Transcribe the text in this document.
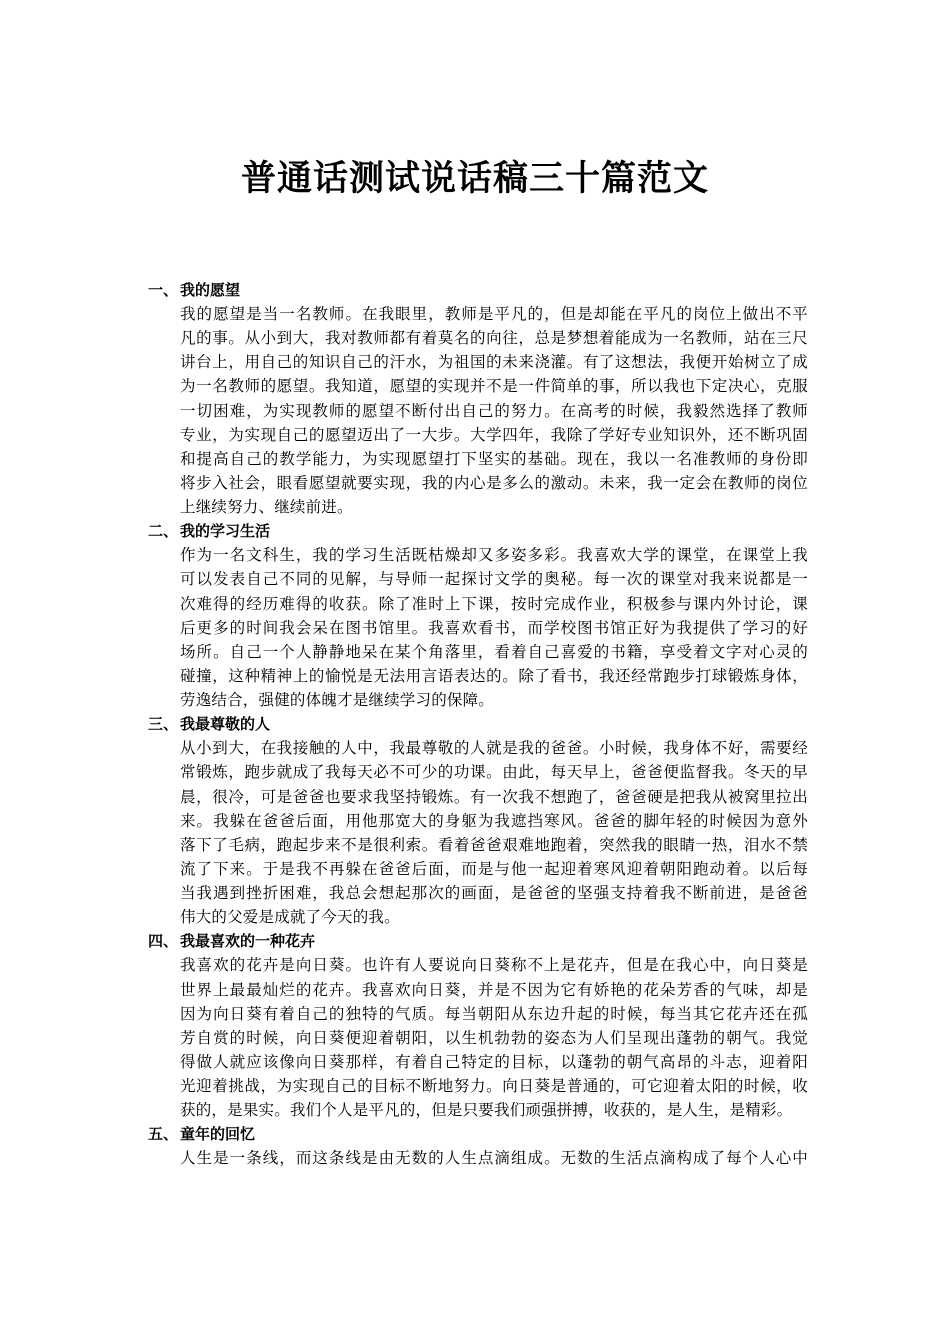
普通话测试说话稿三十篇范文
一、 我的愿望
我的愿望是当一名教师。在我眼里，教师是平凡的，但是却能在平凡的岗位上做出不平
凡的事。从小到大，我对教师都有着莫名的向往，总是梦想着能成为一名教师，站在三尺
讲台上，用自己的知识自己的汗水，为祖国的未来浇灌。有了这想法，我便开始树立了成
为一名教师的愿望。我知道，愿望的实现并不是一件简单的事，所以我也下定决心，克服
一切困难，为实现教师的愿望不断付出自己的努力。在高考的时候，我毅然选择了教师
专业，为实现自己的愿望迈出了一大步。大学四年，我除了学好专业知识外，还不断巩固
和提高自己的教学能力，为实现愿望打下坚实的基础。现在，我以一名准教师的身份即
将步入社会，眼看愿望就要实现，我的内心是多么的激动。未来，我一定会在教师的岗位
上继续努力、继续前进。
二、 我的学习生活
作为一名文科生，我的学习生活既枯燥却又多姿多彩。我喜欢大学的课堂，在课堂上我
可以发表自己不同的见解，与导师一起探讨文学的奥秘。每一次的课堂对我来说都是一
次难得的经历难得的收获。除了准时上下课，按时完成作业，积极参与课内外讨论，课
后更多的时间我会呆在图书馆里。我喜欢看书，而学校图书馆正好为我提供了学习的好
场所。自己一个人静静地呆在某个角落里，看着自己喜爱的书籍，享受着文字对心灵的
碰撞，这种精神上的愉悦是无法用言语表达的。除了看书，我还经常跑步打球锻炼身体，
劳逸结合，强健的体魄才是继续学习的保障。
三、 我最尊敬的人
从小到大，在我接触的人中，我最尊敬的人就是我的爸爸。小时候，我身体不好，需要经
常锻炼，跑步就成了我每天必不可少的功课。由此，每天早上，爸爸便监督我。冬天的早
晨，很冷，可是爸爸也要求我坚持锻炼。有一次我不想跑了，爸爸硬是把我从被窝里拉出
来。我躲在爸爸后面，用他那宽大的身躯为我遮挡寒风。爸爸的脚年轻的时候因为意外
落下了毛病，跑起步来不是很利索。看着爸爸艰难地跑着，突然我的眼睛一热，泪水不禁
流了下来。于是我不再躲在爸爸后面，而是与他一起迎着寒风迎着朝阳跑动着。以后每
当我遇到挫折困难，我总会想起那次的画面，是爸爸的坚强支持着我不断前进，是爸爸
伟大的父爱是成就了今天的我。
四、 我最喜欢的一种花卉
我喜欢的花卉是向日葵。也许有人要说向日葵称不上是花卉，但是在我心中，向日葵是
世界上最最灿烂的花卉。我喜欢向日葵，并是不因为它有娇艳的花朵芳香的气味，却是
因为向日葵有着自己的独特的气质。每当朝阳从东边升起的时候，每当其它花卉还在孤
芳自赏的时候，向日葵便迎着朝阳，以生机勃勃的姿态为人们呈现出蓬勃的朝气。我觉
得做人就应该像向日葵那样，有着自己特定的目标，以蓬勃的朝气高昂的斗志，迎着阳
光迎着挑战，为实现自己的目标不断地努力。向日葵是普通的，可它迎着太阳的时候，收
获的，是果实。我们个人是平凡的，但是只要我们顽强拼搏，收获的，是人生，是精彩。
五、 童年的回忆
人生是一条线，而这条线是由无数的人生点滴组成。无数的生活点滴构成了每个人心中
